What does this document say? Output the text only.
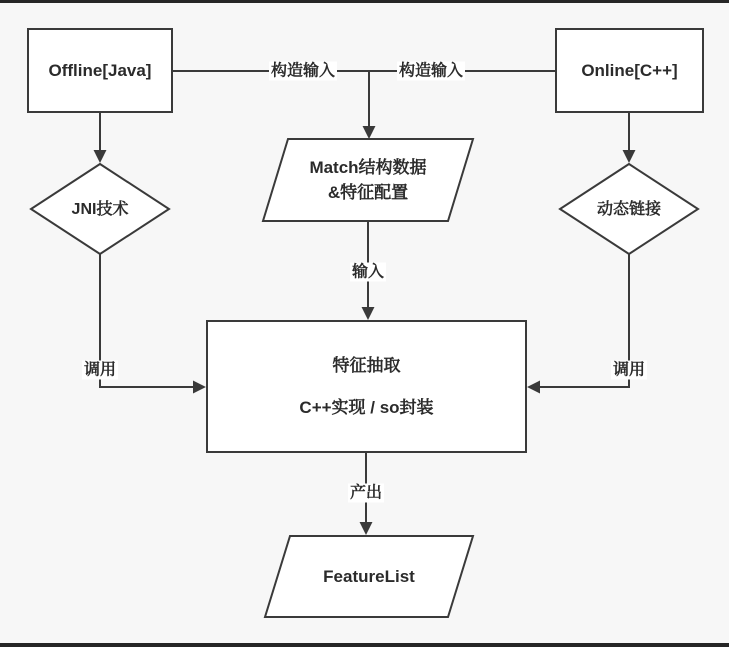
Offline[Java]	Online[C++]
Match结构数据
&特征配置
JNI技术	动态链接
特征抽取
C++实现 / so封装
FeatureList
构造输入	构造输入
输入
调用	调用
产出
